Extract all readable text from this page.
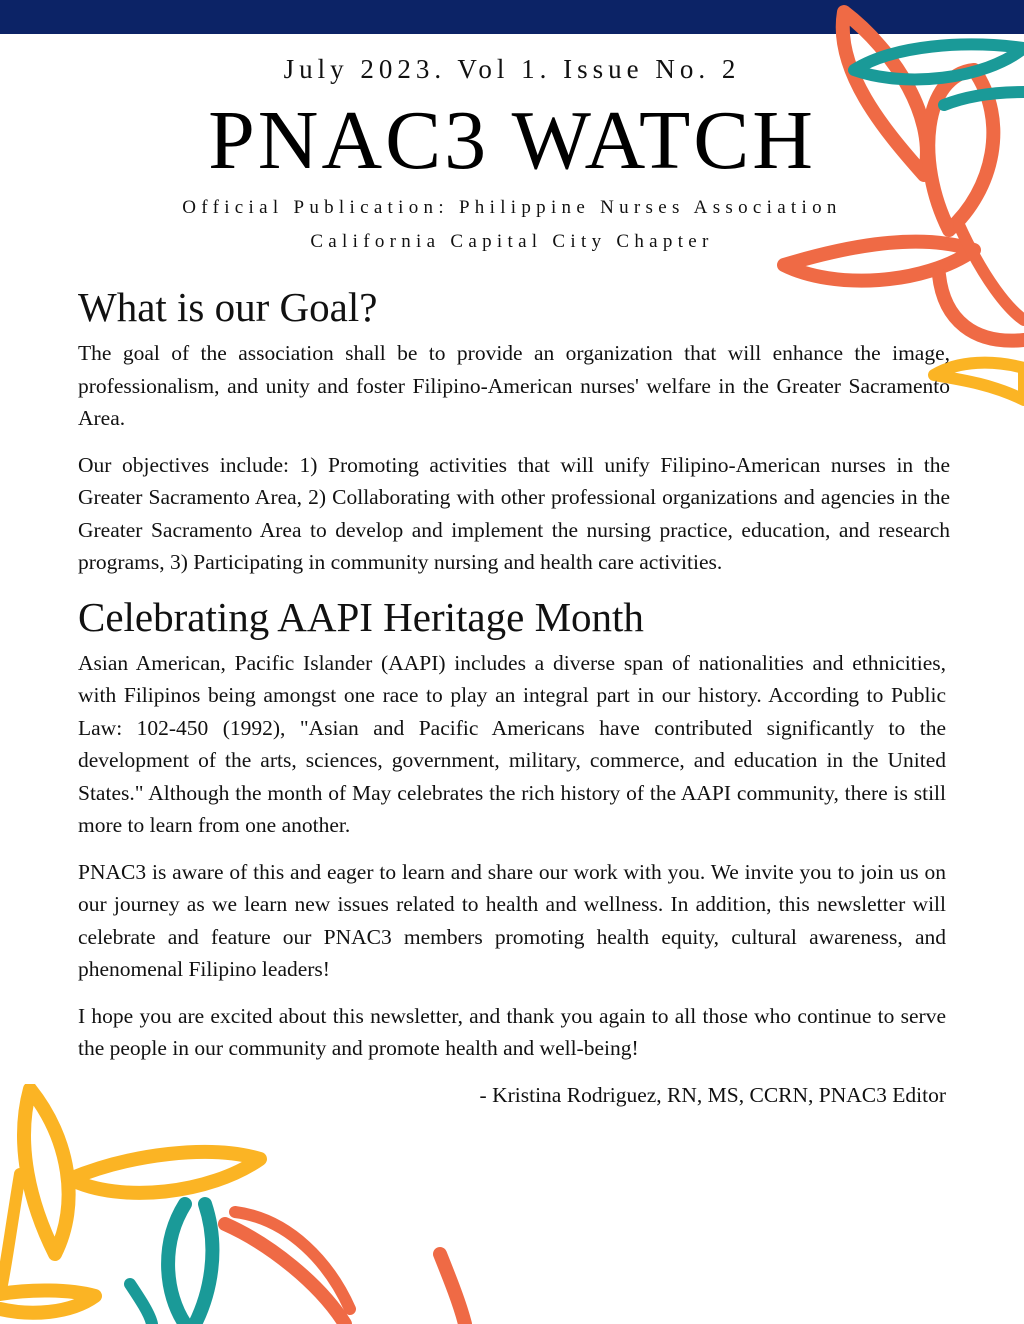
July 2023. Vol 1. Issue No. 2
PNAC3 WATCH
Official Publication: Philippine Nurses Association
California Capital City Chapter
What is our Goal?

The goal of the association shall be to provide an organization that will enhance the image, professionalism, and unity and foster Filipino-American nurses' welfare in the Greater Sacramento Area.

Our objectives include: 1) Promoting activities that will unify Filipino-American nurses in the Greater Sacramento Area, 2) Collaborating with other professional organizations and agencies in the Greater Sacramento Area to develop and implement the nursing practice, education, and research programs, 3) Participating in community nursing and health care activities.

Celebrating AAPI Heritage Month

Asian American, Pacific Islander (AAPI) includes a diverse span of nationalities and ethnicities, with Filipinos being amongst one race to play an integral part in our history. According to Public Law: 102-450 (1992), "Asian and Pacific Americans have contributed significantly to the development of the arts, sciences, government, military, commerce, and education in the United States." Although the month of May celebrates the rich history of the AAPI community, there is still more to learn from one another.

PNAC3 is aware of this and eager to learn and share our work with you. We invite you to join us on our journey as we learn new issues related to health and wellness. In addition, this newsletter will celebrate and feature our PNAC3 members promoting health equity, cultural awareness, and phenomenal Filipino leaders!

I hope you are excited about this newsletter, and thank you again to all those who continue to serve the people in our community and promote health and well-being!

- Kristina Rodriguez, RN, MS, CCRN, PNAC3 Editor
